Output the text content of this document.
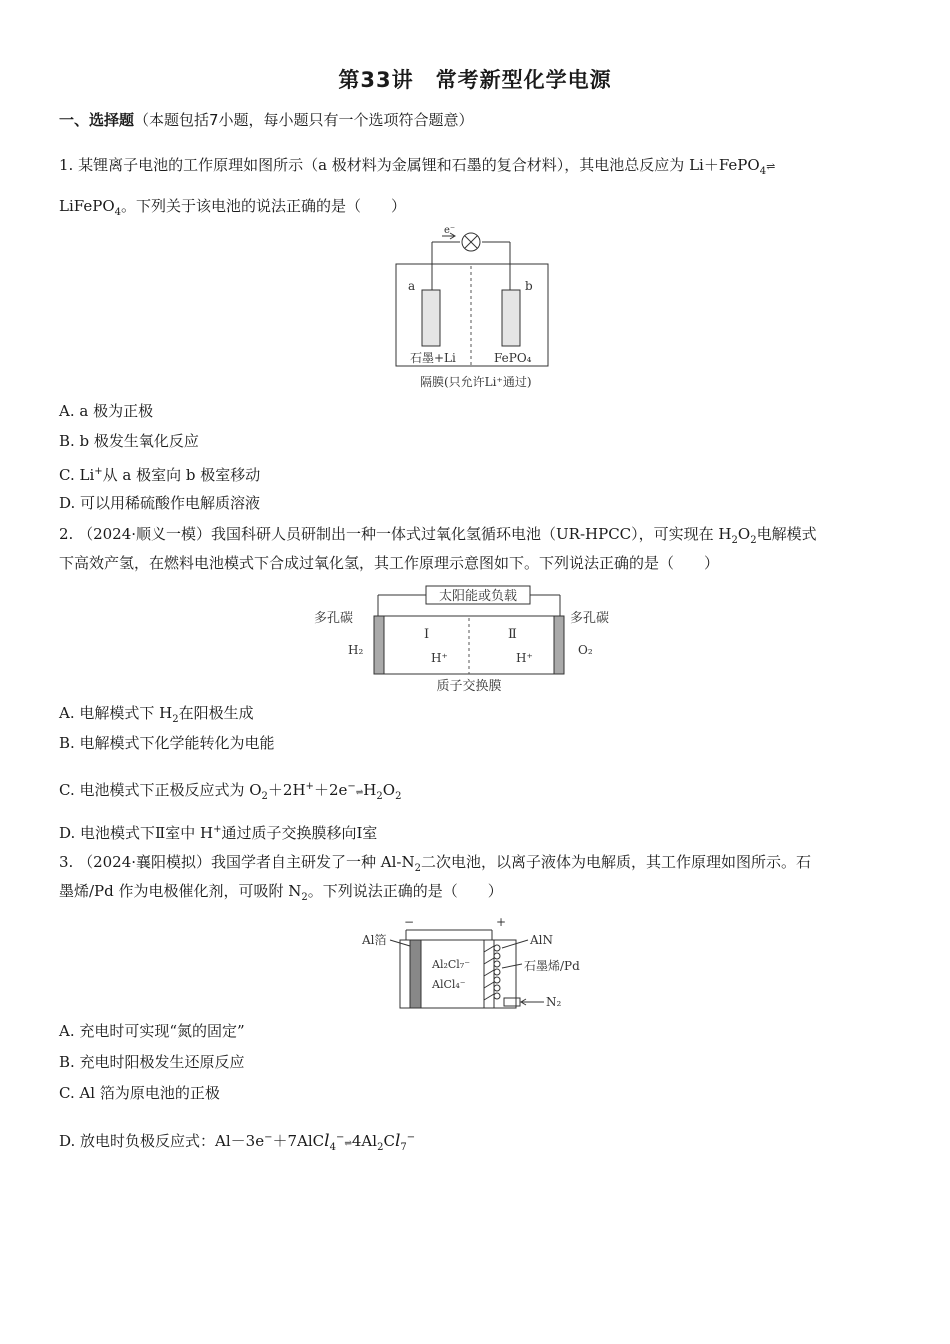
第33讲　常考新型化学电源
一、选择题（本题包括7小题，每小题只有一个选项符合题意）
1. 某锂离子电池的工作原理如图所示（a 极材料为金属锂和石墨的复合材料），其电池总反应为 Li＋FePO$_4$⇌
LiFePO$_4$。下列关于该电池的说法正确的是（　　）
e⁻
a	b
石墨+Li	FePO₄
隔膜(只允许Li⁺通过)
A. a 极为正极
B. b 极发生氧化反应
C. Li+从 a 极室向 b 极室移动
D. 可以用稀硫酸作电解质溶液
2. （2024·顺义一模）我国科研人员研制出一种一体式过氧化氢循环电池（UR-HPCC），可实现在 $H_2O_2$电解模式
下高效产氢，在燃料电池模式下合成过氧化氢，其工作原理示意图如下。下列说法正确的是（　　）
太阳能或负载
多孔碳	多孔碳
H₂	O₂
Ⅰ	Ⅱ
H⁺	H⁺
质子交换膜
A. 电解模式下 $H_2$在阳极生成
B. 电解模式下化学能转化为电能
C. 电池模式下正极反应式为 $O_2+2H^++2e^-\rightleftharpoons H_2O_2$
D. 电池模式下Ⅱ室中 H+通过质子交换膜移向Ⅰ室
3. （2024·襄阳模拟）我国学者自主研发了一种 $Al-N_2$二次电池，以离子液体为电解质，其工作原理如图所示。石
墨烯/Pd 作为电极催化剂，可吸附 $N_2$。下列说法正确的是（　　）
−	+
Al箔
Al₂Cl₇⁻
AlCl₄⁻
AlN
石墨烯/Pd
N₂
A. 充电时可实现“氮的固定”
B. 充电时阳极发生还原反应
C. Al 箔为原电池的正极
D. 放电时负极反应式：$Al-3e^-+7AlCl_4^-\rightleftharpoons 4Al_2Cl_7^-$
